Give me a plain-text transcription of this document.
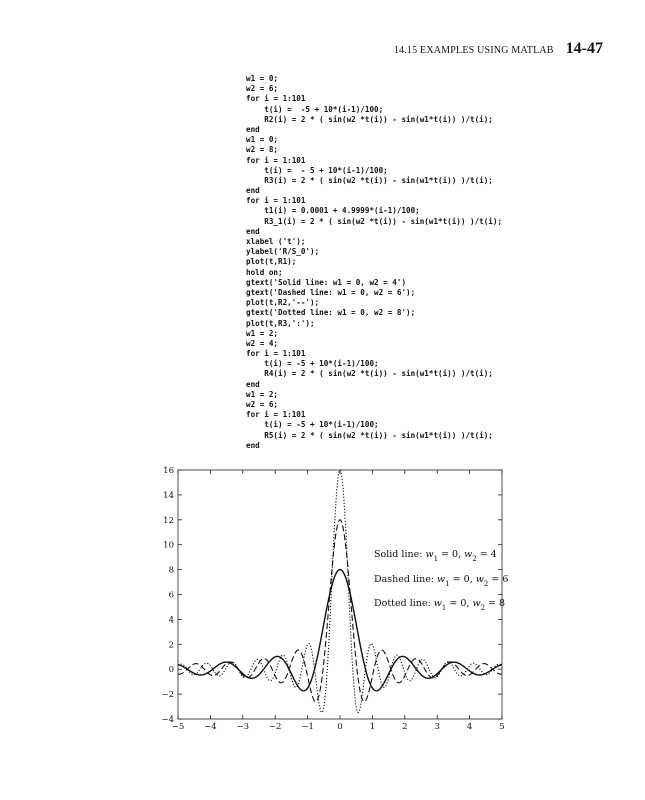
14.15 EXAMPLES USING MATLAB 14-47
w1 = 0;
w2 = 6;
for i = 1:101
t(i) =  -5 + 10*(i-1)/100;
R2(i) = 2 * ( sin(w2 *t(i)) - sin(w1*t(i)) )/t(i);
end
w1 = 0;
w2 = 8;
for i = 1:101
t(i) =  - 5 + 10*(i-1)/100;
R3(i) = 2 * ( sin(w2 *t(i)) - sin(w1*t(i)) )/t(i);
end
for i = 1:101
t1(i) = 0.0001 + 4.9999*(i-1)/100;
R3_1(i) = 2 * ( sin(w2 *t(i)) - sin(w1*t(i)) )/t(i);
end
xlabel ('t');
ylabel('R/S_0');
plot(t,R1);
hold on;
gtext('Solid line: w1 = 0, w2 = 4')
gtext('Dashed line: w1 = 0, w2 = 6');
plot(t,R2,'--');
gtext('Dotted line: w1 = 0, w2 = 8');
plot(t,R3,':');
w1 = 2;
w2 = 4;
for i = 1:101
t(i) = -5 + 10*(i-1)/100;
R4(i) = 2 * ( sin(w2 *t(i)) - sin(w1*t(i)) )/t(i);
end
w1 = 2;
w2 = 6;
for i = 1:101
t(i) = -5 + 10*(i-1)/100;
R5(i) = 2 * ( sin(w2 *t(i)) - sin(w1*t(i)) )/t(i);
end
−5 −4 −3 −2 −1	0	1	2	3	4	5
−4
−2
0
2
4
6
8
10
12
14
16
Solid line: $w_1 = 0$, $w_2 = 4$
Dashed line: $w_1 = 0$, $w_2 = 6$
Dotted line: $w_1 = 0$, $w_2 = 8$
